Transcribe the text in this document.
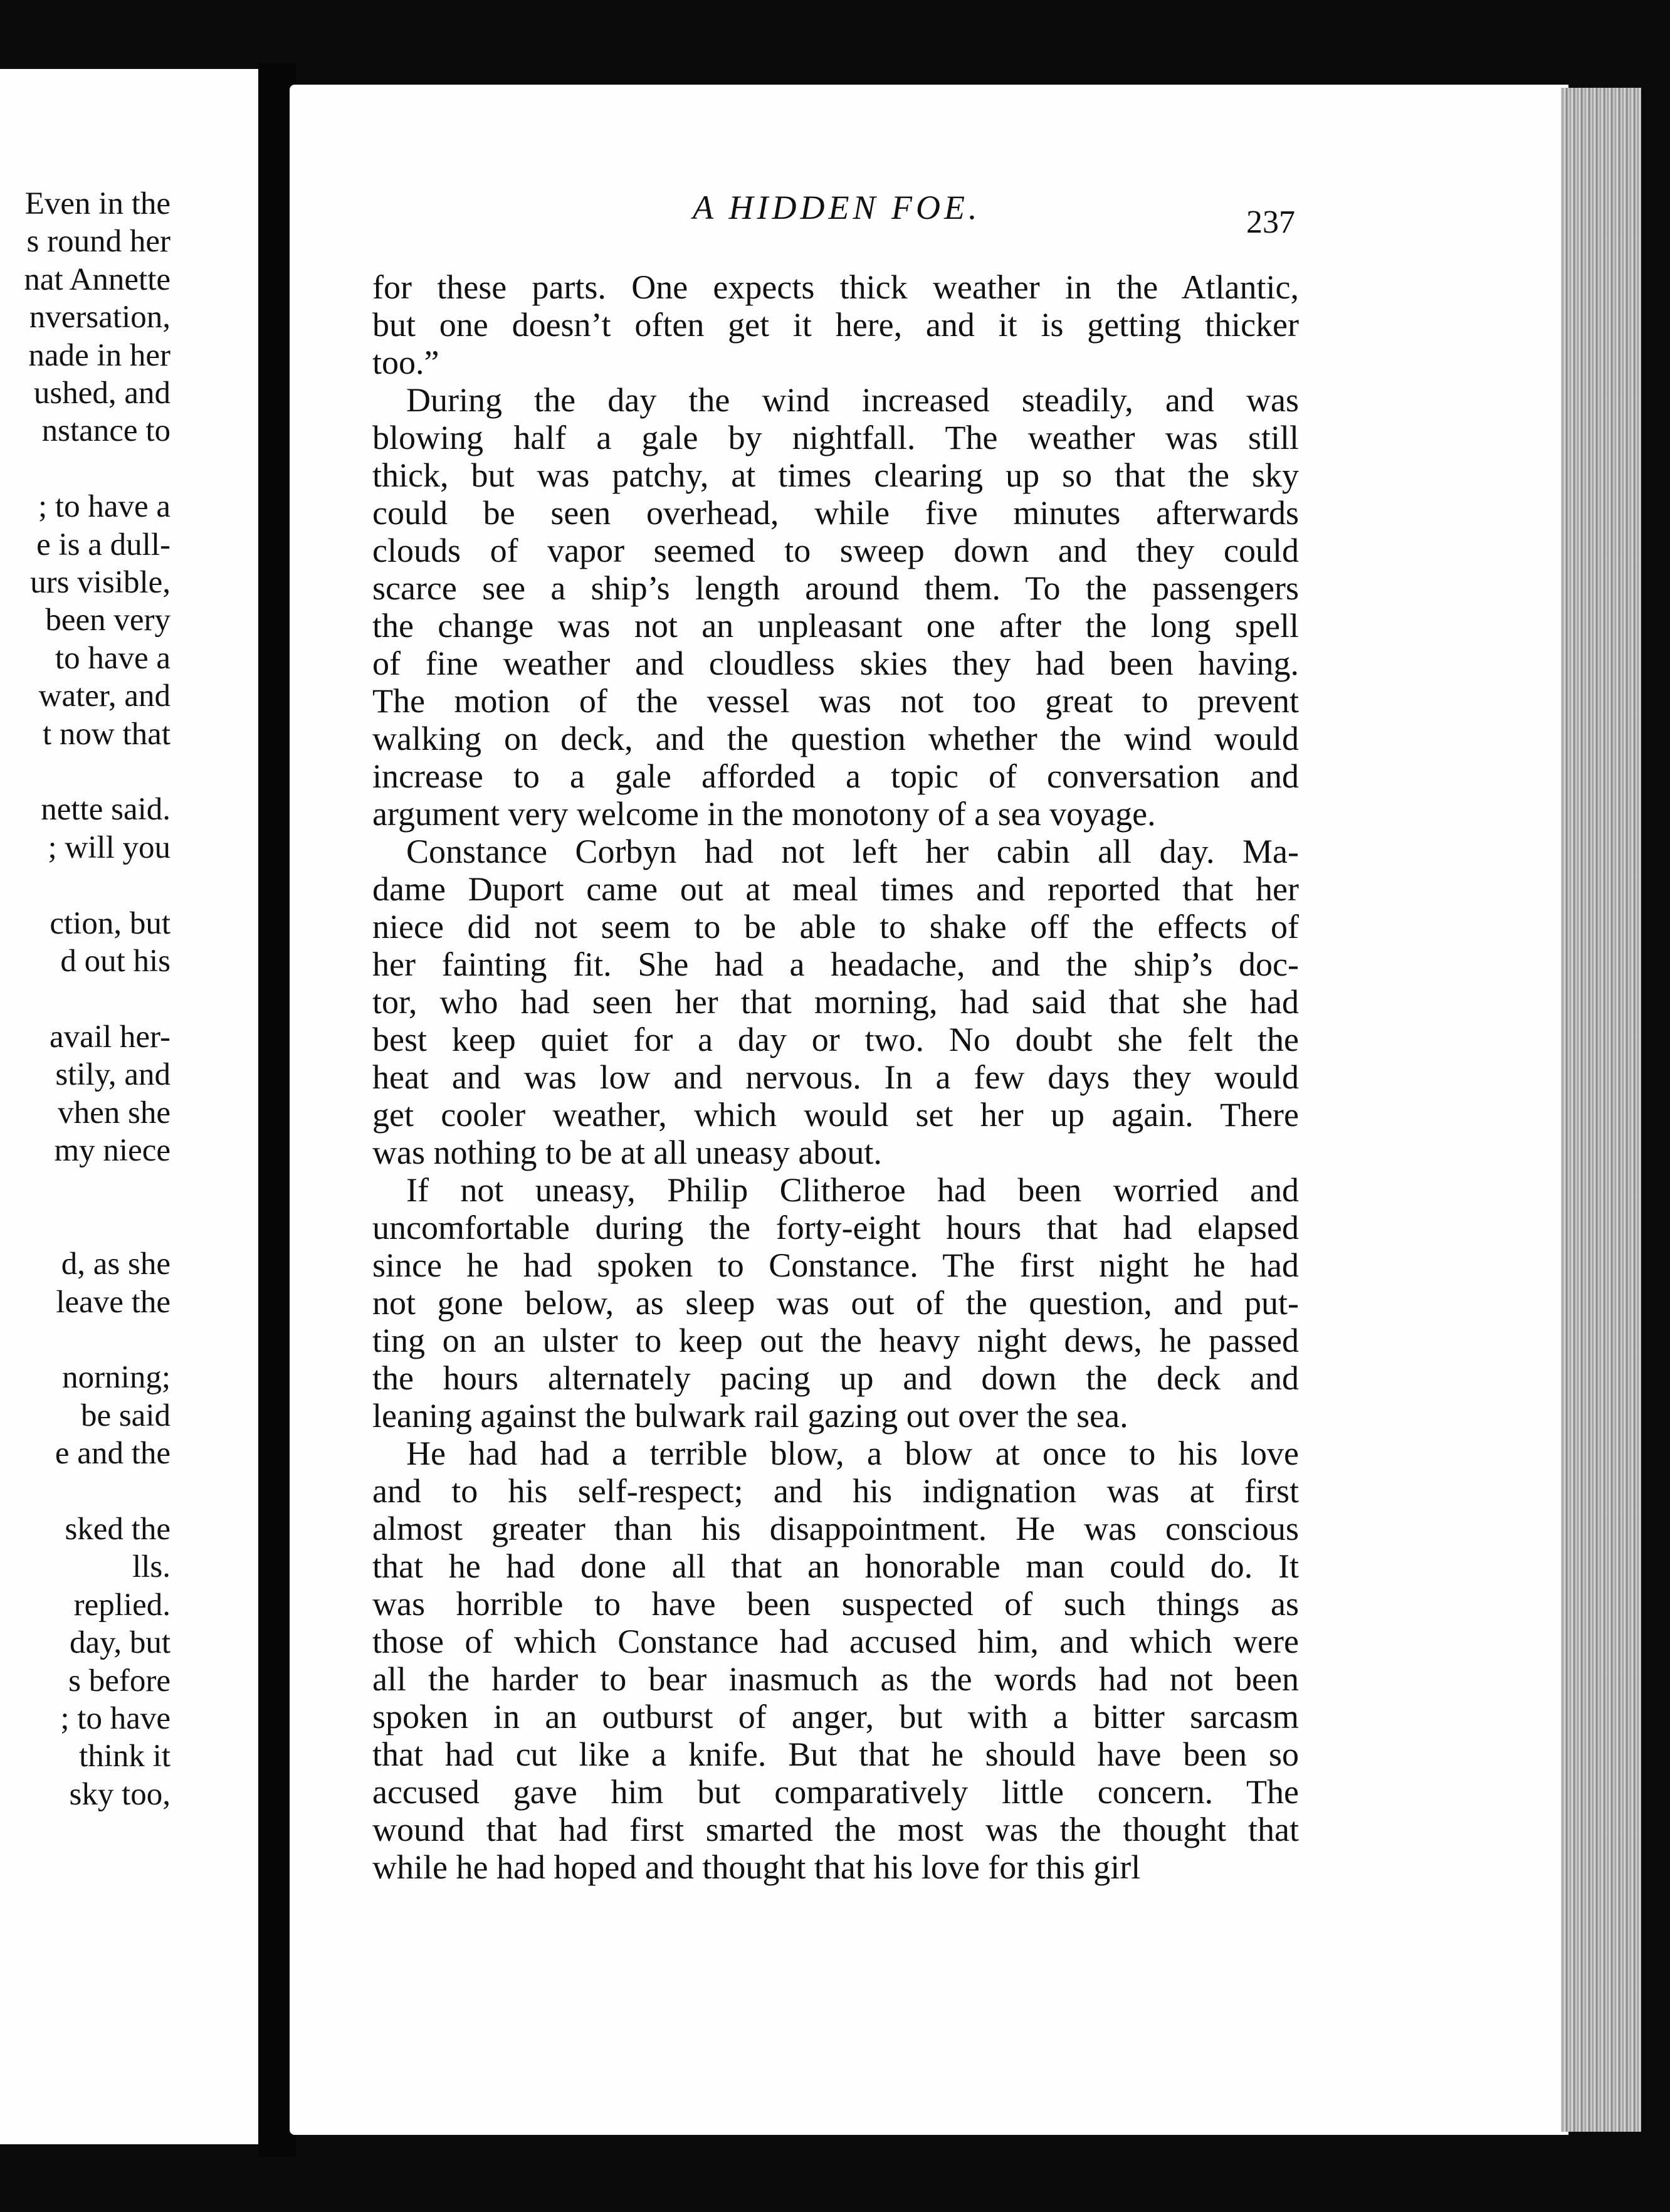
Even in the
s round her
nat Annette
nversation,
nade in her
ushed, and
nstance to
; to have a
e is a dull-
urs visible,
been very
to have a
water, and
t now that
nette said.
; will you
ction, but
d out his
avail her-
stily, and
vhen she
my niece
d, as she
leave the
norning;
be said
e and the
sked the
lls.
replied.
day, but
s before
; to have
think it
sky too,
A HIDDEN FOE.	237

for these parts. One expects thick weather in the Atlantic,

but one doesn’t often get it here, and it is getting thicker

too.”

During the day the wind increased steadily, and was

blowing half a gale by nightfall. The weather was still

thick, but was patchy, at times clearing up so that the sky

could be seen overhead, while five minutes afterwards

clouds of vapor seemed to sweep down and they could

scarce see a ship’s length around them. To the passengers

the change was not an unpleasant one after the long spell

of fine weather and cloudless skies they had been having.

The motion of the vessel was not too great to prevent

walking on deck, and the question whether the wind would

increase to a gale afforded a topic of conversation and

argument very welcome in the monotony of a sea voyage.

Constance Corbyn had not left her cabin all day. Ma-

dame Duport came out at meal times and reported that her

niece did not seem to be able to shake off the effects of

her fainting fit. She had a headache, and the ship’s doc-

tor, who had seen her that morning, had said that she had

best keep quiet for a day or two. No doubt she felt the

heat and was low and nervous. In a few days they would

get cooler weather, which would set her up again. There

was nothing to be at all uneasy about.

If not uneasy, Philip Clitheroe had been worried and

uncomfortable during the forty-eight hours that had elapsed

since he had spoken to Constance. The first night he had

not gone below, as sleep was out of the question, and put-

ting on an ulster to keep out the heavy night dews, he passed

the hours alternately pacing up and down the deck and

leaning against the bulwark rail gazing out over the sea.

He had had a terrible blow, a blow at once to his love

and to his self-respect; and his indignation was at first

almost greater than his disappointment. He was conscious

that he had done all that an honorable man could do. It

was horrible to have been suspected of such things as

those of which Constance had accused him, and which were

all the harder to bear inasmuch as the words had not been

spoken in an outburst of anger, but with a bitter sarcasm

that had cut like a knife. But that he should have been so

accused gave him but comparatively little concern. The

wound that had first smarted the most was the thought that

while he had hoped and thought that his love for this girl
